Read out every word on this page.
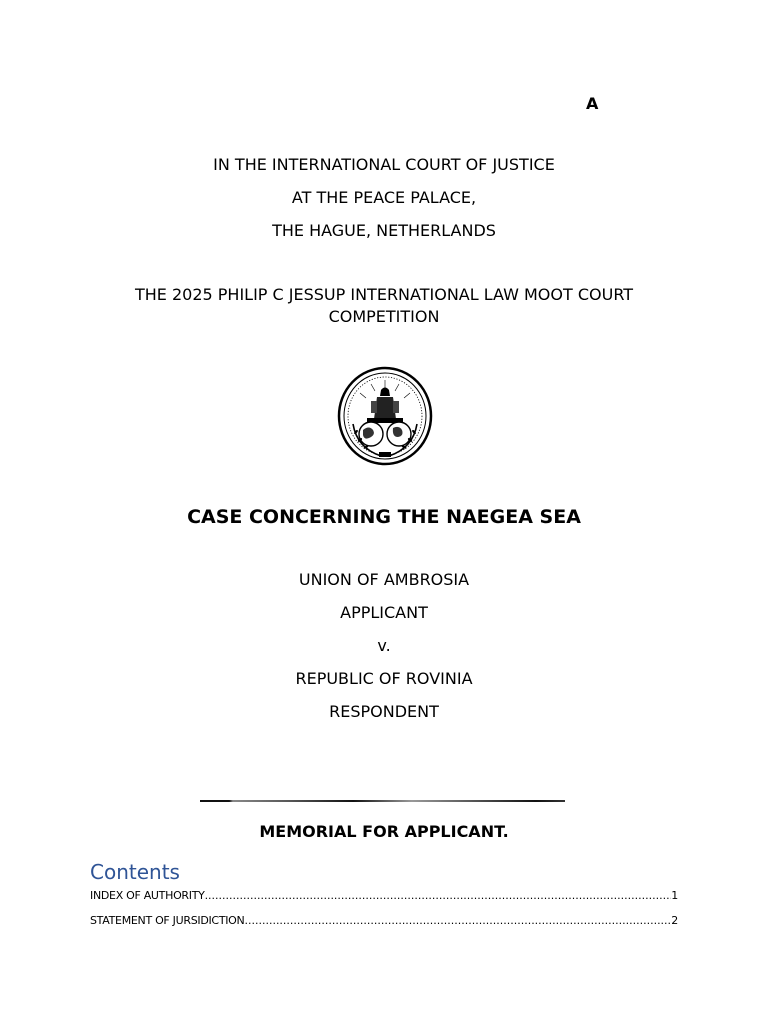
A
IN THE INTERNATIONAL COURT OF JUSTICE
AT THE PEACE PALACE,
THE HAGUE, NETHERLANDS
THE 2025 PHILIP C JESSUP INTERNATIONAL LAW MOOT COURT COMPETITION
CASE CONCERNING THE NAEGEA SEA
UNION OF AMBROSIA
APPLICANT
v.
REPUBLIC OF ROVINIA
RESPONDENT
MEMORIAL FOR APPLICANT.
Contents
INDEX OF AUTHORITY .....	1
STATEMENT OF JURSIDICTION .....	2
